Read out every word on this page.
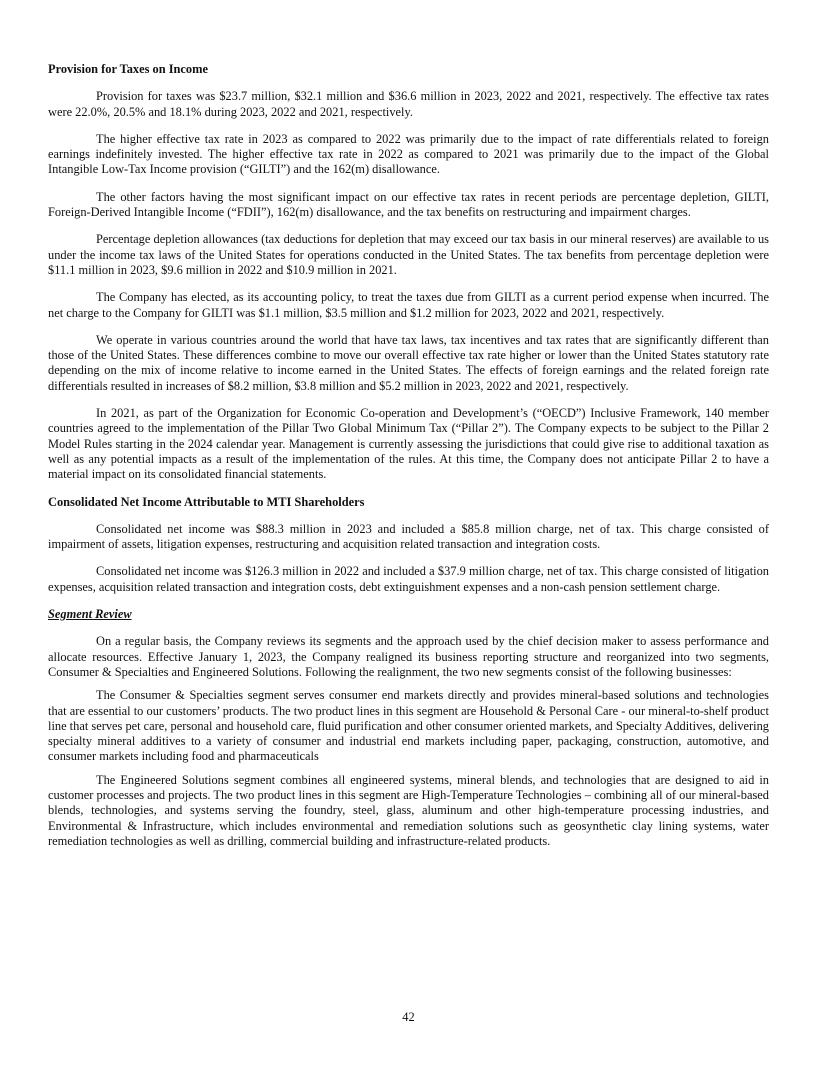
Provision for Taxes on Income

Provision for taxes was $23.7 million, $32.1 million and $36.6 million in 2023, 2022 and 2021, respectively. The effective tax rates were 22.0%, 20.5% and 18.1% during 2023, 2022 and 2021, respectively.

The higher effective tax rate in 2023 as compared to 2022 was primarily due to the impact of rate differentials related to foreign earnings indefinitely invested. The higher effective tax rate in 2022 as compared to 2021 was primarily due to the impact of the Global Intangible Low-Tax Income provision (“GILTI”) and the 162(m) disallowance.

The other factors having the most significant impact on our effective tax rates in recent periods are percentage depletion, GILTI, Foreign-Derived Intangible Income (“FDII”), 162(m) disallowance, and the tax benefits on restructuring and impairment charges.

Percentage depletion allowances (tax deductions for depletion that may exceed our tax basis in our mineral reserves) are available to us under the income tax laws of the United States for operations conducted in the United States. The tax benefits from percentage depletion were $11.1 million in 2023, $9.6 million in 2022 and $10.9 million in 2021.

The Company has elected, as its accounting policy, to treat the taxes due from GILTI as a current period expense when incurred. The net charge to the Company for GILTI was $1.1 million, $3.5 million and $1.2 million for 2023, 2022 and 2021, respectively.

We operate in various countries around the world that have tax laws, tax incentives and tax rates that are significantly different than those of the United States. These differences combine to move our overall effective tax rate higher or lower than the United States statutory rate depending on the mix of income relative to income earned in the United States. The effects of foreign earnings and the related foreign rate differentials resulted in increases of $8.2 million, $3.8 million and $5.2 million in 2023, 2022 and 2021, respectively.

In 2021, as part of the Organization for Economic Co-operation and Development’s (“OECD”) Inclusive Framework, 140 member countries agreed to the implementation of the Pillar Two Global Minimum Tax (“Pillar 2”). The Company expects to be subject to the Pillar 2 Model Rules starting in the 2024 calendar year. Management is currently assessing the jurisdictions that could give rise to additional taxation as well as any potential impacts as a result of the implementation of the rules. At this time, the Company does not anticipate Pillar 2 to have a material impact on its consolidated financial statements.

Consolidated Net Income Attributable to MTI Shareholders

Consolidated net income was $88.3 million in 2023 and included a $85.8 million charge, net of tax. This charge consisted of impairment of assets, litigation expenses, restructuring and acquisition related transaction and integration costs.

Consolidated net income was $126.3 million in 2022 and included a $37.9 million charge, net of tax. This charge consisted of litigation expenses, acquisition related transaction and integration costs, debt extinguishment expenses and a non-cash pension settlement charge.

Segment Review

On a regular basis, the Company reviews its segments and the approach used by the chief decision maker to assess performance and allocate resources. Effective January 1, 2023, the Company realigned its business reporting structure and reorganized into two segments, Consumer & Specialties and Engineered Solutions. Following the realignment, the two new segments consist of the following businesses:

The Consumer & Specialties segment serves consumer end markets directly and provides mineral-based solutions and technologies that are essential to our customers’ products. The two product lines in this segment are Household & Personal Care - our mineral-to-shelf product line that serves pet care, personal and household care, fluid purification and other consumer oriented markets, and Specialty Additives, delivering specialty mineral additives to a variety of consumer and industrial end markets including paper, packaging, construction, automotive, and consumer markets including food and pharmaceuticals

The Engineered Solutions segment combines all engineered systems, mineral blends, and technologies that are designed to aid in customer processes and projects. The two product lines in this segment are High-Temperature Technologies – combining all of our mineral-based blends, technologies, and systems serving the foundry, steel, glass, aluminum and other high-temperature processing industries, and Environmental & Infrastructure, which includes environmental and remediation solutions such as geosynthetic clay lining systems, water remediation technologies as well as drilling, commercial building and infrastructure-related products.

42
